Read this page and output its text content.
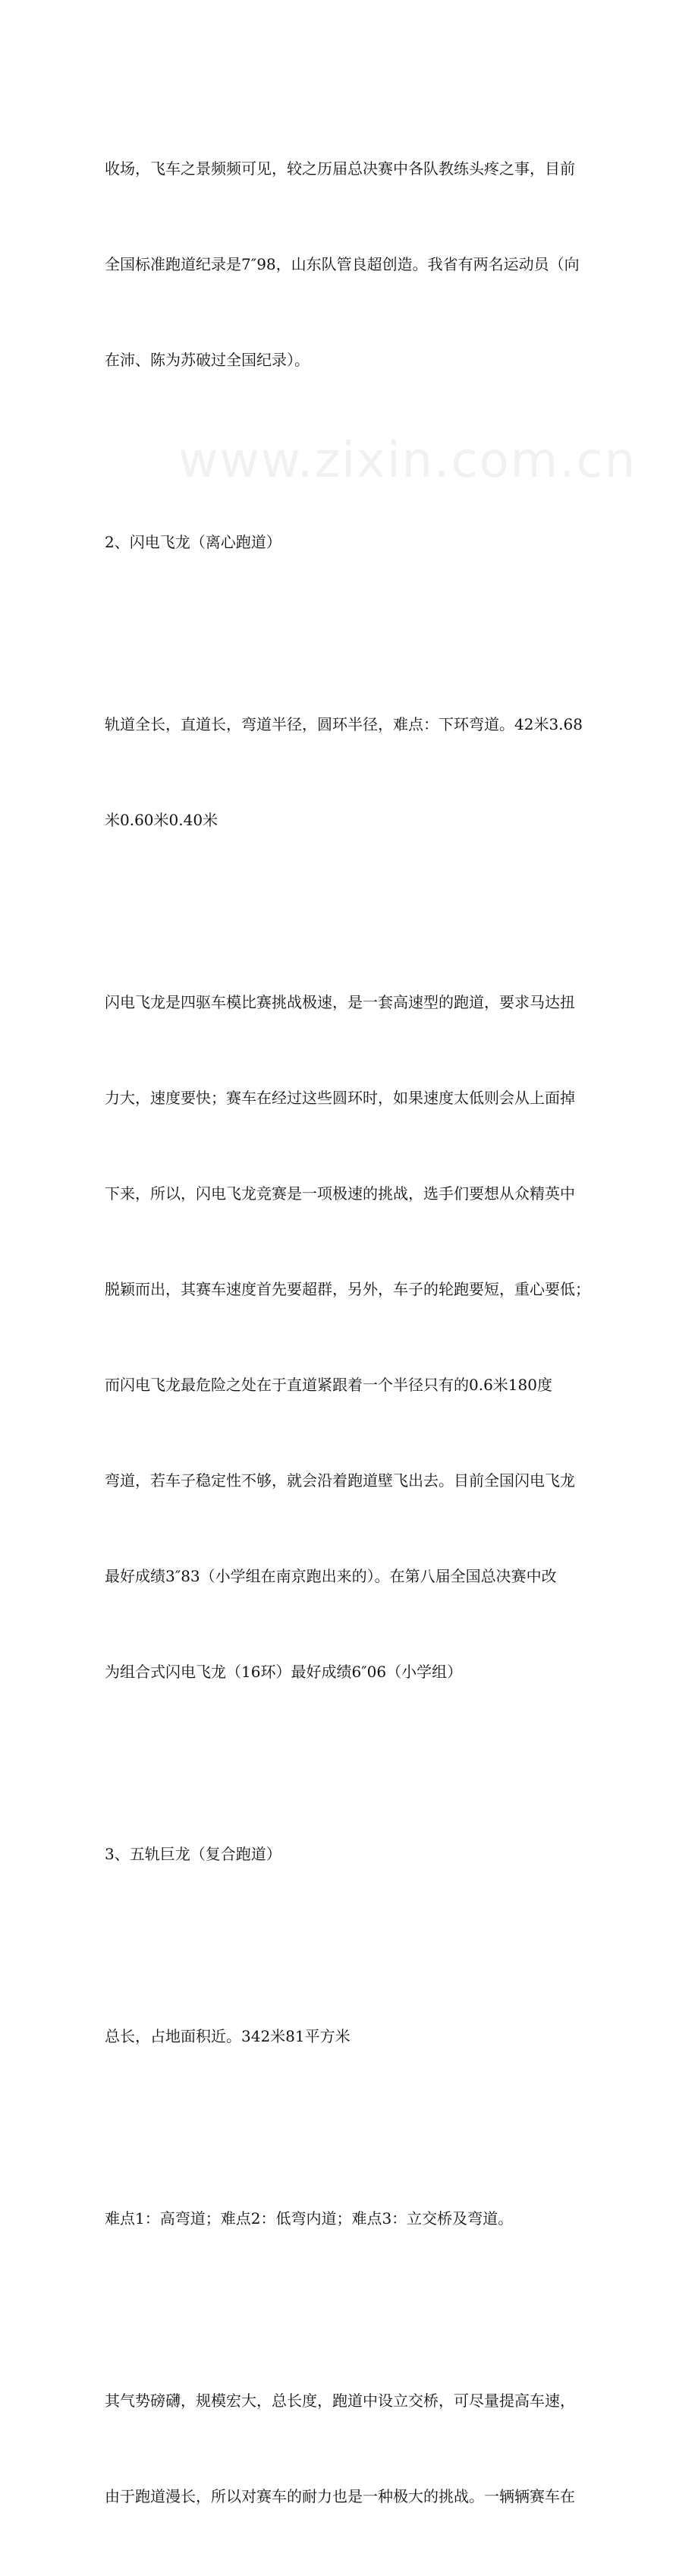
www.zixin.com.cn

收场，飞车之景频频可见，较之历届总决赛中各队教练头疼之事，目前

全国标准跑道纪录是7″98，山东队管良超创造。我省有两名运动员（向

在沛、陈为苏破过全国纪录）。

2、闪电飞龙（离心跑道）

轨道全长，直道长，弯道半径，圆环半径，难点：下环弯道。42米3.68

米0.60米0.40米

闪电飞龙是四驱车模比赛挑战极速，是一套高速型的跑道，要求马达扭

力大，速度要快；赛车在经过这些圆环时，如果速度太低则会从上面掉

下来，所以，闪电飞龙竞赛是一项极速的挑战，选手们要想从众精英中

脱颖而出，其赛车速度首先要超群，另外，车子的轮跑要短，重心要低；

而闪电飞龙最危险之处在于直道紧跟着一个半径只有的0.6米180度

弯道，若车子稳定性不够，就会沿着跑道壁飞出去。目前全国闪电飞龙

最好成绩3″83（小学组在南京跑出来的）。在第八届全国总决赛中改

为组合式闪电飞龙（16环）最好成绩6″06（小学组）

3、五轨巨龙（复合跑道）

总长，占地面积近。342米81平方米

难点1：高弯道；难点2：低弯内道；难点3：立交桥及弯道。

其气势磅礴，规模宏大，总长度，跑道中设立交桥，可尽量提高车速，

由于跑道漫长，所以对赛车的耐力也是一种极大的挑战。一辆辆赛车在
